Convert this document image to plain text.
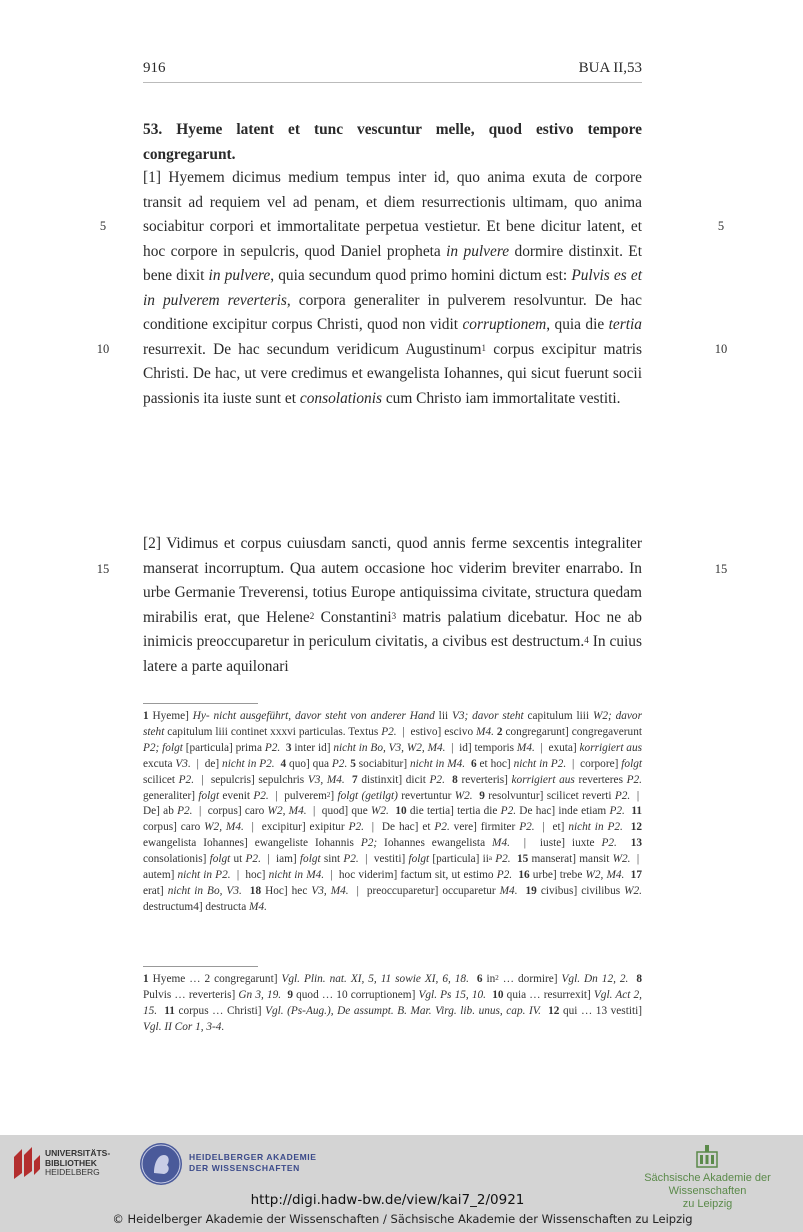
916	BUA II,53
53. Hyeme latent et tunc vescuntur melle, quod estivo tempore congregarunt.
[1] Hyemem dicimus medium tempus inter id, quo anima exuta de corpore transit ad requiem vel ad penam, et diem resurrectionis ultimam, quo anima sociabitur corpori et immortalitate perpetua vestietur. Et bene dicitur latent, et hoc corpore in sepulcris, quod Daniel propheta in pulvere dormire distinxit. Et bene dixit in pulvere, quia secundum quod primo homini dictum est: Pulvis es et in pulverem reverteris, corpora generaliter in pulverem resolvuntur. De hac conditione excipitur corpus Christi, quod non vidit corruptionem, quia die tertia resurrexit. De hac secundum veridicum Augustinum$^1$ corpus excipitur matris Christi. De hac, ut vere credimus et ewangelista Iohannes, qui sicut fuerunt socii passionis ita iuste sunt et consolationis cum Christo iam immortalitate vestiti.
[2] Vidimus et corpus cuiusdam sancti, quod annis ferme sexcentis integraliter manserat incorruptum. Qua autem occasione hoc viderim breviter enarrabo. In urbe Germanie Treverensi, totius Europe antiquissima civitate, structura quedam mirabilis erat, que Helene$^2$ Constantini$^3$ matris palatium dicebatur. Hoc ne ab inimicis preoccuparetur in periculum civitatis, a civibus est destructum.$^4$ In cuius latere a parte aquilonari
5	5
10	10
15	15
1 Hyeme] Hy- nicht ausgeführt, davor steht von anderer Hand lii V3; davor steht capitulum liii W2; davor steht capitulum liii continet xxxvi particulas. Textus P2.  |  estivo] escivo M4. 2 congregarunt] congregaverunt P2; folgt [particula] prima P2. 3 inter id] nicht in Bo, V3, W2, M4.  |  id] temporis M4.  |  exuta] korrigiert aus excuta V3.  |  de] nicht in P2. 4 quo] qua P2. 5 sociabitur] nicht in M4. 6 et hoc] nicht in P2.  |  corpore] folgt scilicet P2.  |  sepulcris] sepulchris V3, M4. 7 distinxit] dicit P2. 8 reverteris] korrigiert aus reverteres P2. generaliter] folgt evenit P2.  |  pulverem$^2$] folgt (getilgt) revertuntur W2. 9 resolvuntur] scilicet reverti P2.  |  De] ab P2.  |  corpus] caro W2, M4.  |  quod] que W2. 10 die tertia] tertia die P2. De hac] inde etiam P2. 11 corpus] caro W2, M4.  |  excipitur] exipitur P2.  |  De hac] et P2. vere] firmiter P2.  |  et] nicht in P2. 12 ewangelista Iohannes] ewangeliste Iohannis P2; Iohannes ewangelista M4.  |  iuste] iuxte P2. 13 consolationis] folgt ut P2.  |  iam] folgt sint P2.  |  vestiti] folgt [particula] $ii^a$ P2. 15 manserat] mansit W2.  |  autem] nicht in P2.  |  hoc] nicht in M4.  |  hoc viderim] factum sit, ut estimo P2. 16 urbe] trebe W2, M4. 17 erat] nicht in Bo, V3. 18 Hoc] hec V3, M4.  |  preoccuparetur] occuparetur M4. 19 civibus] civilibus W2. destructum4] destructa M4.
1 Hyeme … 2 congregarunt] Vgl. Plin. nat. XI, 5, 11 sowie XI, 6, 18. 6 $in^2$ … dormire] Vgl. Dn 12, 2. 8 Pulvis … reverteris] Gn 3, 19. 9 quod … 10 corruptionem] Vgl. Ps 15, 10. 10 quia … resurrexit] Vgl. Act 2, 15. 11 corpus … Christi] Vgl. (Ps-Aug.), De assumpt. B. Mar. Virg. lib. unus, cap. IV. 12 qui … 13 vestiti] Vgl. II Cor 1, 3-4.
UNIVERSITÄTS-
BIBLIOTHEK
HEIDELBERG
HEIDELBERGER AKADEMIE
DER WISSENSCHAFTEN
Sächsische Akademie der Wissenschaften
zu Leipzig
http://digi.hadw-bw.de/view/kai7_2/0921
© Heidelberger Akademie der Wissenschaften / Sächsische Akademie der Wissenschaften zu Leipzig
